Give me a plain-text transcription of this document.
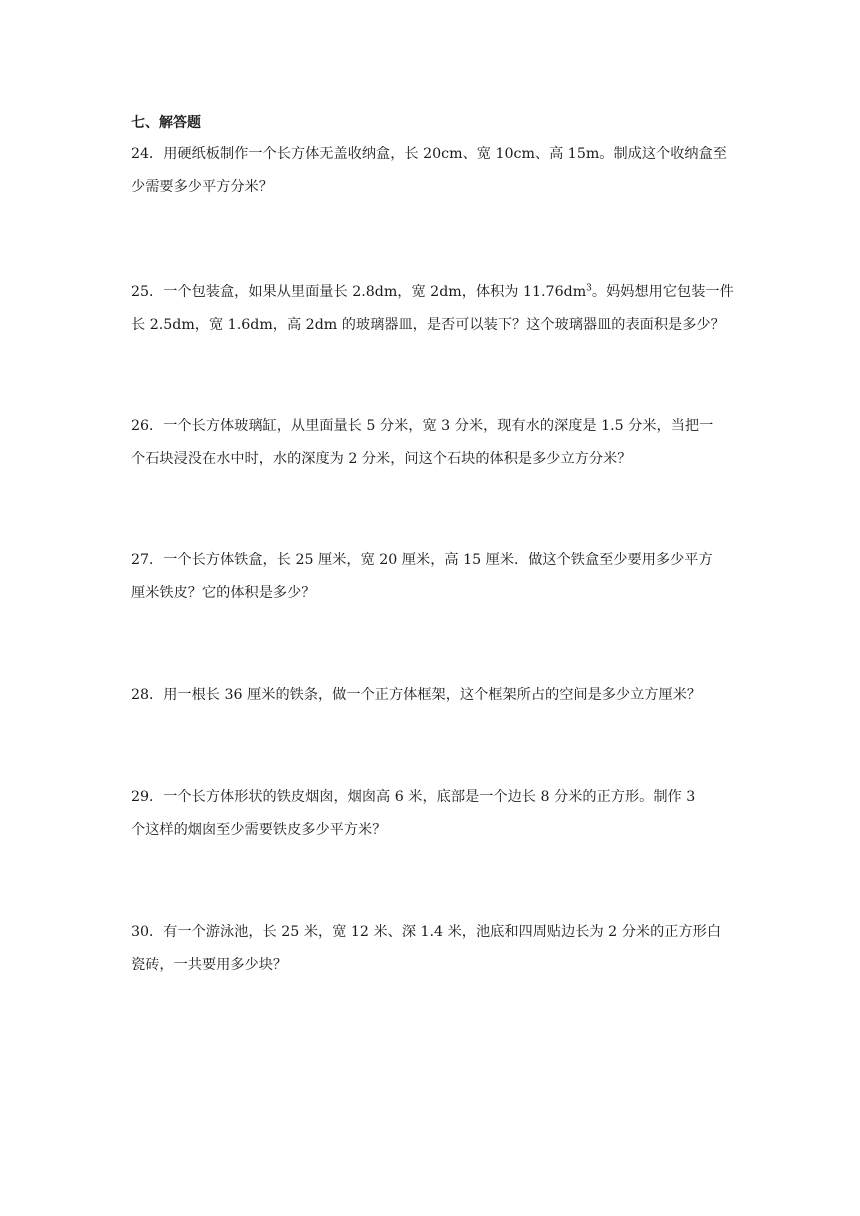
七、解答题
24．用硬纸板制作一个长方体无盖收纳盒，长 20cm、宽 10cm、高 15m。制成这个收纳盒至
少需要多少平方分米？
25．一个包装盒，如果从里面量长 2.8dm，宽 2dm，体积为 $11.76dm^3$。妈妈想用它包装一件
长 2.5dm，宽 1.6dm，高 2dm 的玻璃器皿，是否可以装下？这个玻璃器皿的表面积是多少？
26．一个长方体玻璃缸，从里面量长 5 分米，宽 3 分米，现有水的深度是 1.5 分米，当把一
个石块浸没在水中时，水的深度为 2 分米，问这个石块的体积是多少立方分米？
27．一个长方体铁盒，长 25 厘米，宽 20 厘米，高 15 厘米．做这个铁盒至少要用多少平方
厘米铁皮？它的体积是多少？
28．用一根长 36 厘米的铁条，做一个正方体框架，这个框架所占的空间是多少立方厘米？
29．一个长方体形状的铁皮烟囱，烟囱高 6 米，底部是一个边长 8 分米的正方形。制作 3
个这样的烟囱至少需要铁皮多少平方米？
30．有一个游泳池，长 25 米，宽 12 米、深 1.4 米，池底和四周贴边长为 2 分米的正方形白
瓷砖，一共要用多少块？
